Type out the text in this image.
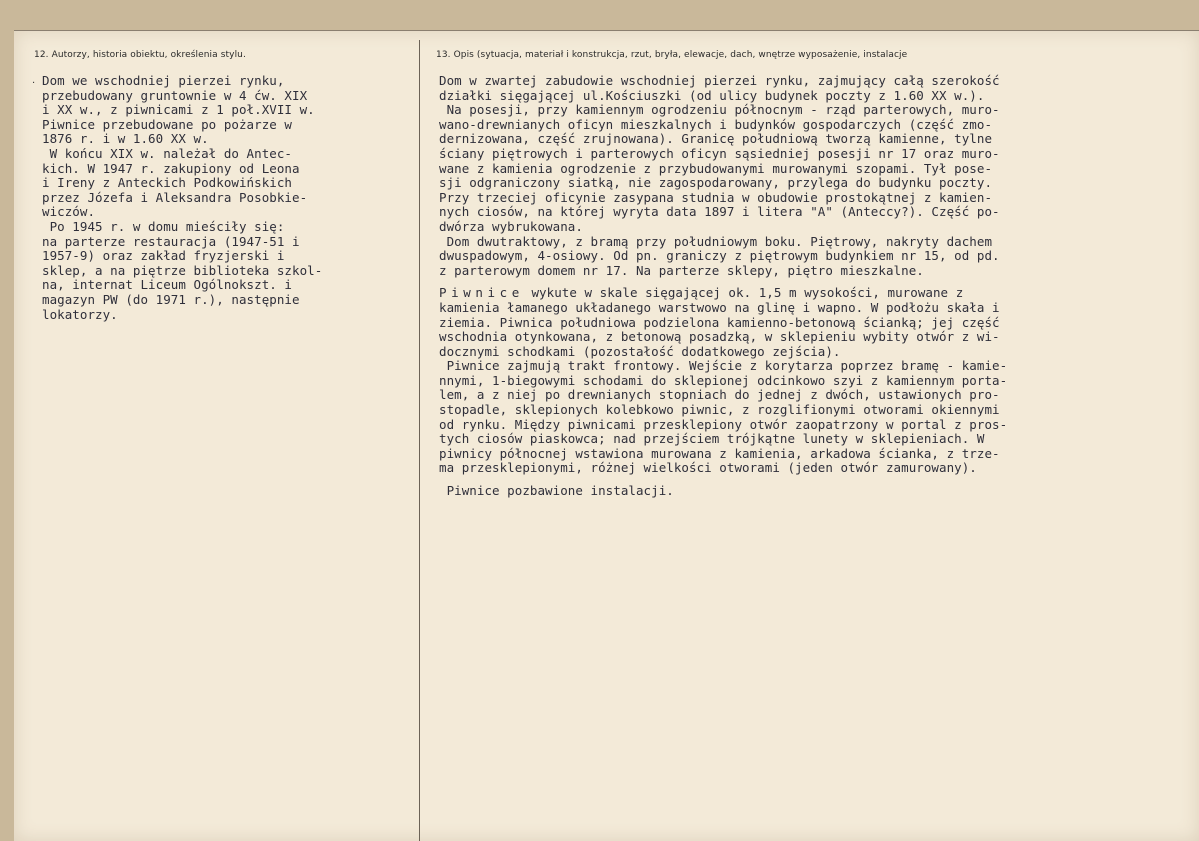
12. Autorzy, historia obiektu, określenia stylu.	13. Opis (sytuacja, materiał i konstrukcja, rzut, bryła, elewacje, dach, wnętrze wyposażenie, instalacje
· Dom we wschodniej pierzei rynku,
przebudowany gruntownie w 4 ćw. XIX
i XX w., z piwnicami z 1 poł.XVII w.
Piwnice przebudowane po pożarze w
1876 r. i w 1.60 XX w.
W końcu XIX w. należał do Antec-
kich. W 1947 r. zakupiony od Leona
i Ireny z Anteckich Podkowińskich
przez Józefa i Aleksandra Posobkie-
wiczów.
Po 1945 r. w domu mieściły się:
na parterze restauracja (1947-51 i
1957-9) oraz zakład fryzjerski i
sklep, a na piętrze biblioteka szkol-
na, internat Liceum Ogólnokszt. i
magazyn PW (do 1971 r.), następnie
lokatorzy.
Dom w zwartej zabudowie wschodniej pierzei rynku, zajmujący całą szerokość
działki sięgającej ul.Kościuszki (od ulicy budynek poczty z 1.60 XX w.).
Na posesji, przy kamiennym ogrodzeniu północnym - rząd parterowych, muro-
wano-drewnianych oficyn mieszkalnych i budynków gospodarczych (część zmo-
dernizowana, część zrujnowana). Granicę południową tworzą kamienne, tylne
ściany piętrowych i parterowych oficyn sąsiedniej posesji nr 17 oraz muro-
wane z kamienia ogrodzenie z przybudowanymi murowanymi szopami. Tył pose-
sji odgraniczony siatką, nie zagospodarowany, przylega do budynku poczty.
Przy trzeciej oficynie zasypana studnia w obudowie prostokątnej z kamien-
nych ciosów, na której wyryta data 1897 i litera "A" (Anteccy?). Część po-
dwórza wybrukowana.
Dom dwutraktowy, z bramą przy południowym boku. Piętrowy, nakryty dachem
dwuspadowym, 4-osiowy. Od pn. graniczy z piętrowym budynkiem nr 15, od pd.
z parterowym domem nr 17. Na parterze sklepy, piętro mieszkalne.
Piwnice wykute w skale sięgającej ok. 1,5 m wysokości, murowane z
kamienia łamanego układanego warstwowo na glinę i wapno. W podłożu skała i
ziemia. Piwnica południowa podzielona kamienno-betonową ścianką; jej część
wschodnia otynkowana, z betonową posadzką, w sklepieniu wybity otwór z wi-
docznymi schodkami (pozostałość dodatkowego zejścia).
Piwnice zajmują trakt frontowy. Wejście z korytarza poprzez bramę - kamie-
nnymi, 1-biegowymi schodami do sklepionej odcinkowo szyi z kamiennym porta-
lem, a z niej po drewnianych stopniach do jednej z dwóch, ustawionych pro-
stopadle, sklepionych kolebkowo piwnic, z rozglifionymi otworami okiennymi
od rynku. Między piwnicami przesklepiony otwór zaopatrzony w portal z pros-
tych ciosów piaskowca; nad przejściem trójkątne lunety w sklepieniach. W
piwnicy północnej wstawiona murowana z kamienia, arkadowa ścianka, z trze-
ma przesklepionymi, różnej wielkości otworami (jeden otwór zamurowany).
Piwnice pozbawione instalacji.
